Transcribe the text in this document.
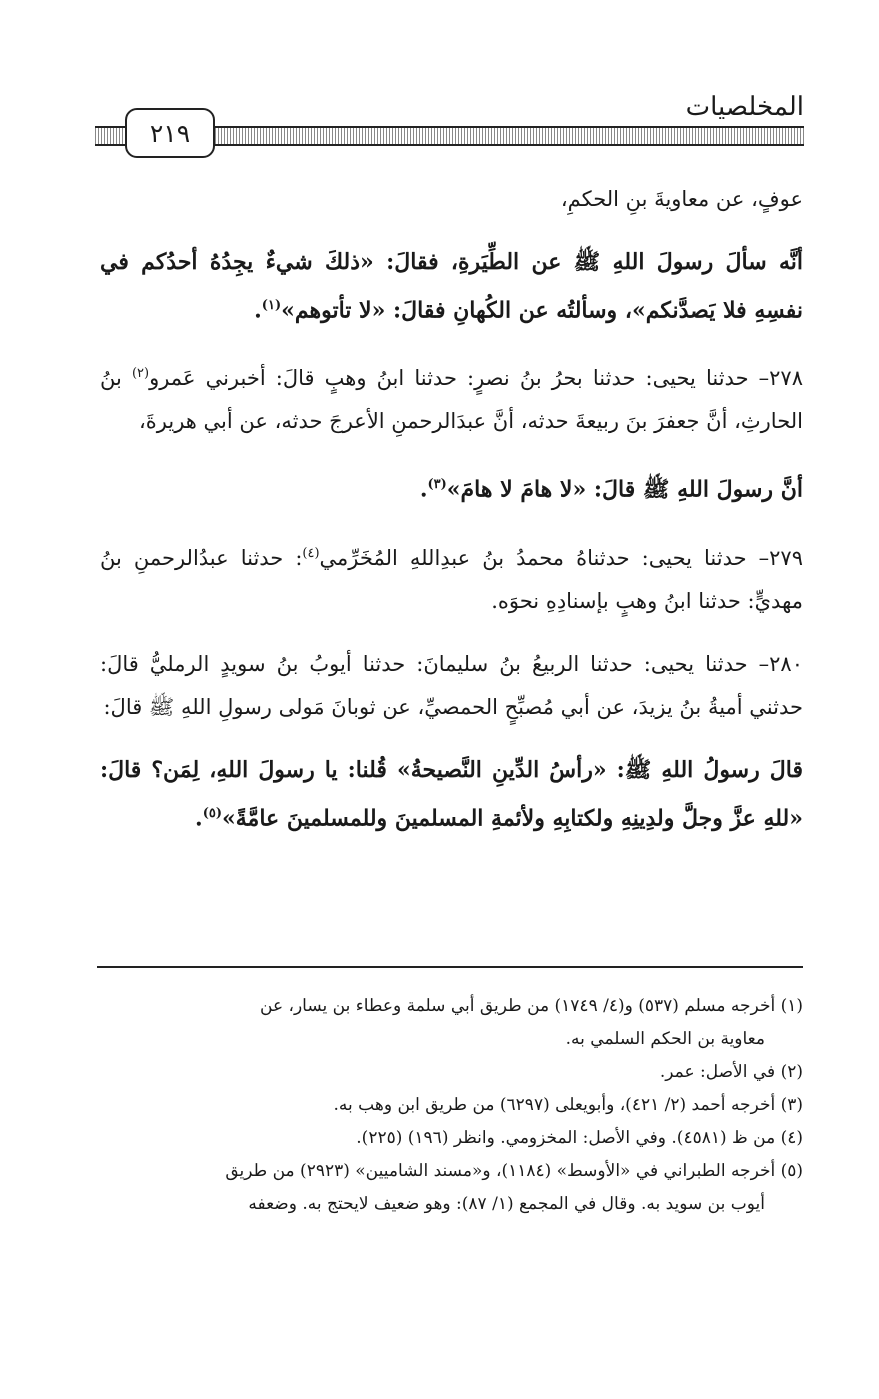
المخلصيات
٢١٩

عوفٍ، عن معاويةَ بنِ الحكمِ،

أنَّه سألَ رسولَ اللهِ ﷺ عن الطِّيَرةِ، فقالَ: «ذلكَ شيءٌ يجِدُهُ أحدُكم في نفسِهِ فلا يَصدَّنكم»، وسألتُه عن الكُهانِ فقالَ: «لا تأتوهم»$^{(١)}$.

٢٧٨– حدثنا يحيى: حدثنا بحرُ بنُ نصرٍ: حدثنا ابنُ وهبٍ قالَ: أخبرني عَمرو$^{(٢)}$ بنُ الحارثِ، أنَّ جعفرَ بنَ ربيعةَ حدثه، أنَّ عبدَالرحمنِ الأعرجَ حدثه، عن أبي هريرةَ،

أنَّ رسولَ اللهِ ﷺ قالَ: «لا هامَ لا هامَ»$^{(٣)}$.

٢٧٩– حدثنا يحيى: حدثناهُ محمدُ بنُ عبدِاللهِ المُخَرِّمي$^{(٤)}$: حدثنا عبدُالرحمنِ بنُ مهديٍّ: حدثنا ابنُ وهبٍ بإسنادِهِ نحوَه.

٢٨٠– حدثنا يحيى: حدثنا الربيعُ بنُ سليمانَ: حدثنا أيوبُ بنُ سويدٍ الرمليُّ قالَ: حدثني أميةُ بنُ يزيدَ، عن أبي مُصبِّحٍ الحمصيِّ، عن ثوبانَ مَولى رسولِ اللهِ ﷺ قالَ:

قالَ رسولُ اللهِ ﷺ: «رأسُ الدِّينِ النَّصيحةُ» قُلنا: يا رسولَ اللهِ، لِمَن؟ قالَ: «للهِ عزَّ وجلَّ ولدِينِهِ ولكتابِهِ ولأئمةِ المسلمينَ وللمسلمينَ عامَّةً»$^{(٥)}$.

(١) أخرجه مسلم (٥٣٧) و(٤/ ١٧٤٩) من طريق أبي سلمة وعطاء بن يسار، عن
معاوية بن الحكم السلمي به.

(٢) في الأصل: عمر.

(٣) أخرجه أحمد (٢/ ٤٢١)، وأبويعلى (٦٢٩٧) من طريق ابن وهب به.

(٤) من ظ (٤٥٨١). وفي الأصل: المخزومي. وانظر (١٩٦) (٢٢٥).

(٥) أخرجه الطبراني في «الأوسط» (١١٨٤)، و«مسند الشاميين» (٢٩٢٣) من طريق
أيوب بن سويد به. وقال في المجمع (١/ ٨٧): وهو ضعيف لايحتج به. وضعفه
